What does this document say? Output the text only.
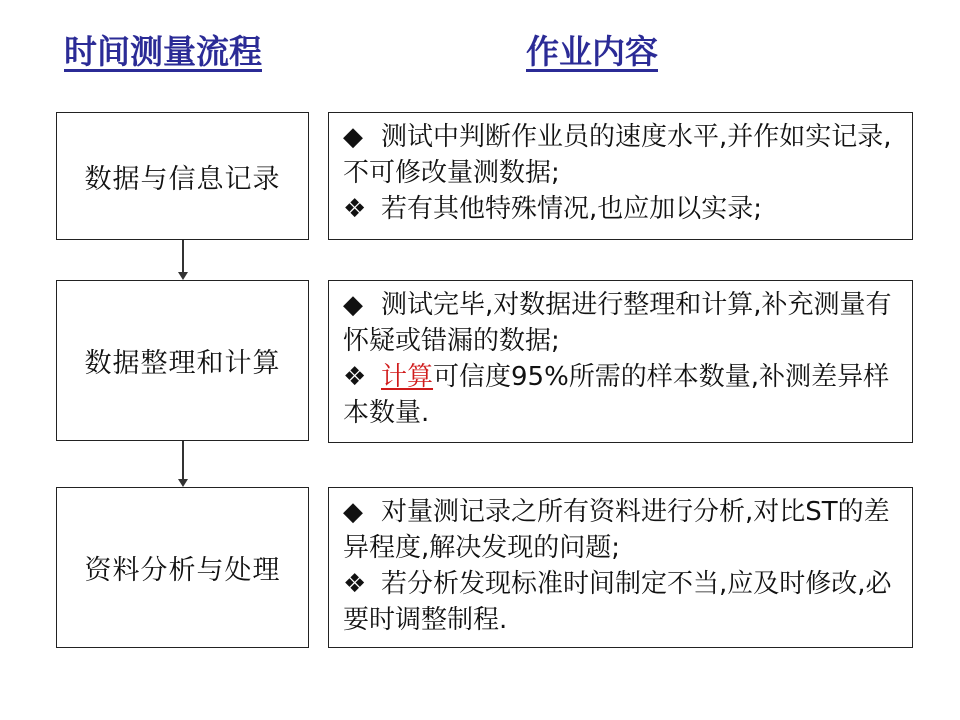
时间测量流程	作业内容
数据与信息记录
数据整理和计算
资料分析与处理
◆ 测试中判断作业员的速度水平,并作如实记录,不可修改量测数据;
❖ 若有其他特殊情况,也应加以实录;
◆ 测试完毕,对数据进行整理和计算,补充测量有怀疑或错漏的数据;
❖ 计算可信度95%所需的样本数量,补测差异样本数量.
◆ 对量测记录之所有资料进行分析,对比ST的差异程度,解决发现的问题;
❖ 若分析发现标准时间制定不当,应及时修改,必要时调整制程.
